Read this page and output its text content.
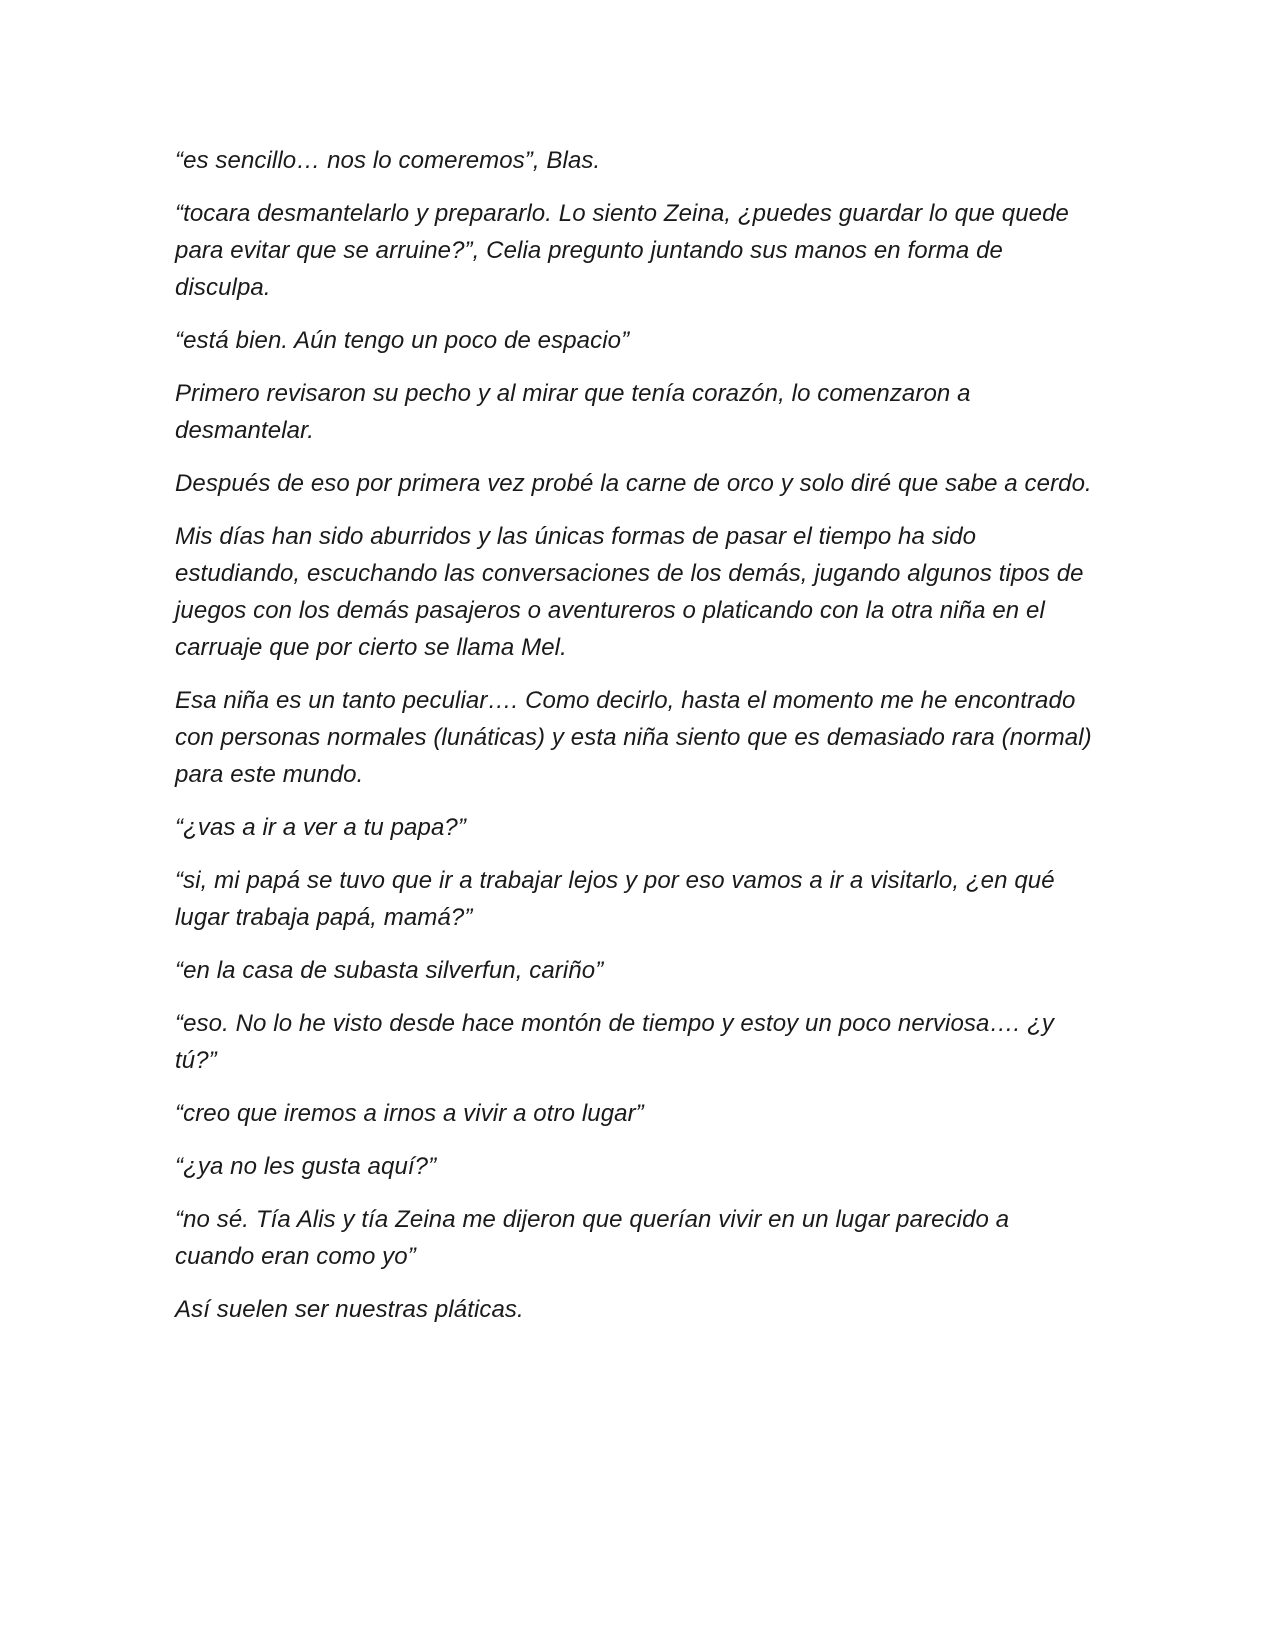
“es sencillo… nos lo comeremos”, Blas.

“tocara desmantelarlo y prepararlo. Lo siento Zeina, ¿puedes guardar lo que quede para evitar que se arruine?”, Celia pregunto juntando sus manos en forma de disculpa.

“está bien. Aún tengo un poco de espacio”

Primero revisaron su pecho y al mirar que tenía corazón, lo comenzaron a desmantelar.

Después de eso por primera vez probé la carne de orco y solo diré que sabe a cerdo.

Mis días han sido aburridos y las únicas formas de pasar el tiempo ha sido estudiando, escuchando las conversaciones de los demás, jugando algunos tipos de juegos con los demás pasajeros o aventureros o platicando con la otra niña en el carruaje que por cierto se llama Mel.

Esa niña es un tanto peculiar…. Como decirlo, hasta el momento me he encontrado con personas normales (lunáticas) y esta niña siento que es demasiado rara (normal) para este mundo.

“¿vas a ir a ver a tu papa?”

“si, mi papá se tuvo que ir a trabajar lejos y por eso vamos a ir a visitarlo, ¿en qué lugar trabaja papá, mamá?”

“en la casa de subasta silverfun, cariño”

“eso. No lo he visto desde hace montón de tiempo y estoy un poco nerviosa…. ¿y tú?”

“creo que iremos a irnos a vivir a otro lugar”

“¿ya no les gusta aquí?”

“no sé. Tía Alis y tía Zeina me dijeron que querían vivir en un lugar parecido a cuando eran como yo”

Así suelen ser nuestras pláticas.
